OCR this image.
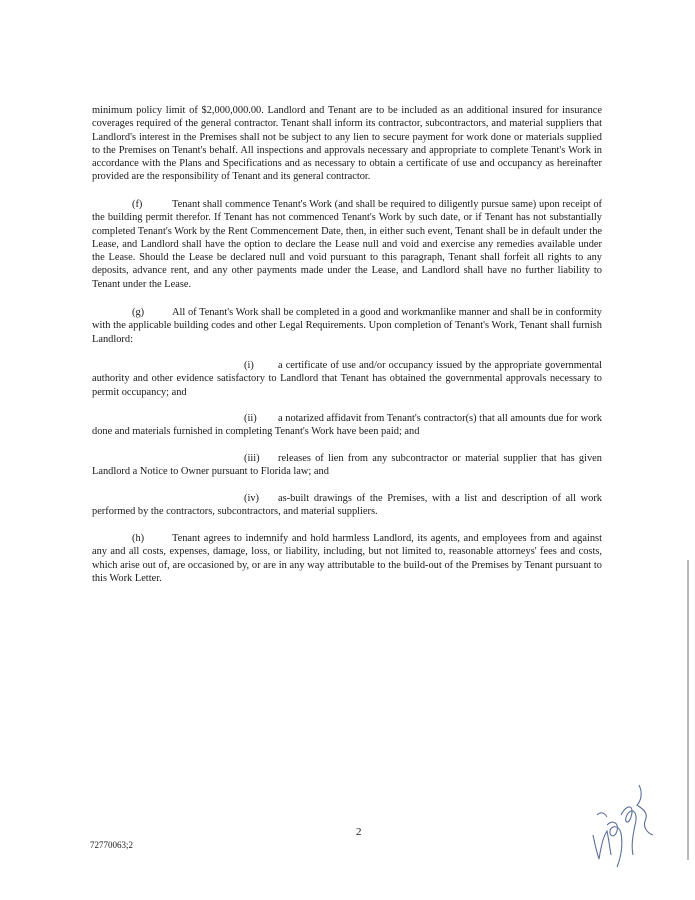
minimum policy limit of $2,000,000.00. Landlord and Tenant are to be included as an additional insured for insurance coverages required of the general contractor. Tenant shall inform its contractor, subcontractors, and material suppliers that Landlord's interest in the Premises shall not be subject to any lien to secure payment for work done or materials supplied to the Premises on Tenant's behalf. All inspections and approvals necessary and appropriate to complete Tenant's Work in accordance with the Plans and Specifications and as necessary to obtain a certificate of use and occupancy as hereinafter provided are the responsibility of Tenant and its general contractor.

(f)	Tenant shall commence Tenant's Work (and shall be required to diligently pursue same) upon receipt of the building permit therefor. If Tenant has not commenced Tenant's Work by such date, or if Tenant has not substantially completed Tenant's Work by the Rent Commencement Date, then, in either such event, Tenant shall be in default under the Lease, and Landlord shall have the option to declare the Lease null and void and exercise any remedies available under the Lease. Should the Lease be declared null and void pursuant to this paragraph, Tenant shall forfeit all rights to any deposits, advance rent, and any other payments made under the Lease, and Landlord shall have no further liability to Tenant under the Lease.

(g)	All of Tenant's Work shall be completed in a good and workmanlike manner and shall be in conformity with the applicable building codes and other Legal Requirements. Upon completion of Tenant's Work, Tenant shall furnish Landlord:

(i) a certificate of use and/or occupancy issued by the appropriate governmental authority and other evidence satisfactory to Landlord that Tenant has obtained the governmental approvals necessary to permit occupancy; and

(ii) a notarized affidavit from Tenant's contractor(s) that all amounts due for work done and materials furnished in completing Tenant's Work have been paid; and

(iii) releases of lien from any subcontractor or material supplier that has given Landlord a Notice to Owner pursuant to Florida law; and

(iv) as-built drawings of the Premises, with a list and description of all work performed by the contractors, subcontractors, and material suppliers.

(h)	Tenant agrees to indemnify and hold harmless Landlord, its agents, and employees from and against any and all costs, expenses, damage, loss, or liability, including, but not limited to, reasonable attorneys' fees and costs, which arise out of, are occasioned by, or are in any way attributable to the build-out of the Premises by Tenant pursuant to this Work Letter.

2
72770063;2
